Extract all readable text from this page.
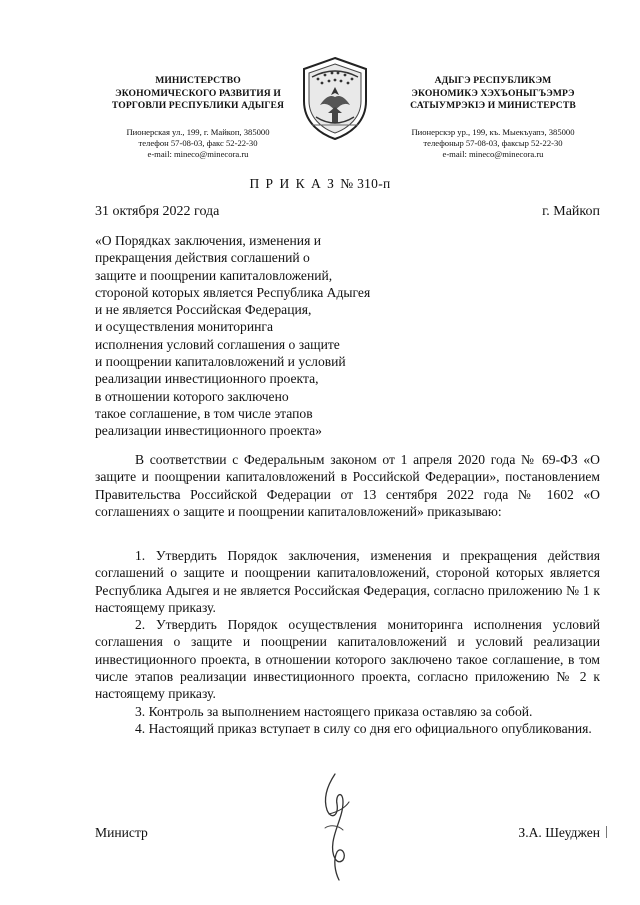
МИНИСТЕРСТВО
ЭКОНОМИЧЕСКОГО РАЗВИТИЯ И
ТОРГОВЛИ РЕСПУБЛИКИ АДЫГЕЯ
Пионерская ул., 199, г. Майкоп, 385000
телефон 57-08-03, факс 52-22-30
e-mail: mineco@minecora.ru
АДЫГЭ РЕСПУБЛИКЭМ
ЭКОНОМИКЭ ХЭХЪОНЫГЪЭМРЭ
САТЫУМРЭКIЭ И МИНИСТЕРСТВ
Пионерскэр ур., 199, къ. Мыекъуапэ, 385000
телефоныр 57-08-03, факсыр 52-22-30
e-mail: mineco@minecora.ru
П Р И К А З № 310-п
31 октября 2022 года	г. Майкоп
«О Порядках заключения, изменения и
прекращения действия соглашений о
защите и поощрении капиталовложений,
стороной которых является Республика Адыгея
и не является Российская Федерация,
и осуществления мониторинга
исполнения условий соглашения о защите
и поощрении капиталовложений и условий
реализации инвестиционного проекта,
в отношении которого заключено
такое соглашение, в том числе этапов
реализации инвестиционного проекта»

В соответствии с Федеральным законом от 1 апреля 2020 года № 69-ФЗ «О защите и поощрении капиталовложений в Российской Федерации», постановлением Правительства Российской Федерации от 13 сентября 2022 года № 1602 «О соглашениях о защите и поощрении капиталовложений» приказываю:

1. Утвердить Порядок заключения, изменения и прекращения действия соглашений о защите и поощрении капиталовложений, стороной которых является Республика Адыгея и не является Российская Федерация, согласно приложению № 1 к настоящему приказу.

2. Утвердить Порядок осуществления мониторинга исполнения условий соглашения о защите и поощрении капиталовложений и условий реализации инвестиционного проекта, в отношении которого заключено такое соглашение, в том числе этапов реализации инвестиционного проекта, согласно приложению № 2 к настоящему приказу.

3. Контроль за выполнением настоящего приказа оставляю за собой.

4. Настоящий приказ вступает в силу со дня его официального опубликования.

Министр	З.А. Шеуджен
